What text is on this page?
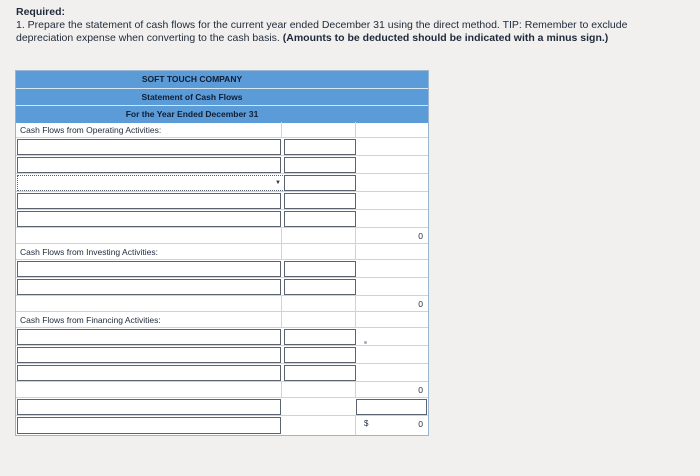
Required:
1. Prepare the statement of cash flows for the current year ended December 31 using the direct method. TIP: Remember to exclude depreciation expense when converting to the cash basis. (Amounts to be deducted should be indicated with a minus sign.)
SOFT TOUCH COMPANY
Statement of Cash Flows
For the Year Ended December 31
Cash Flows from Operating Activities:
▼
0
Cash Flows from Investing Activities:
0
Cash Flows from Financing Activities:
0
$	0
